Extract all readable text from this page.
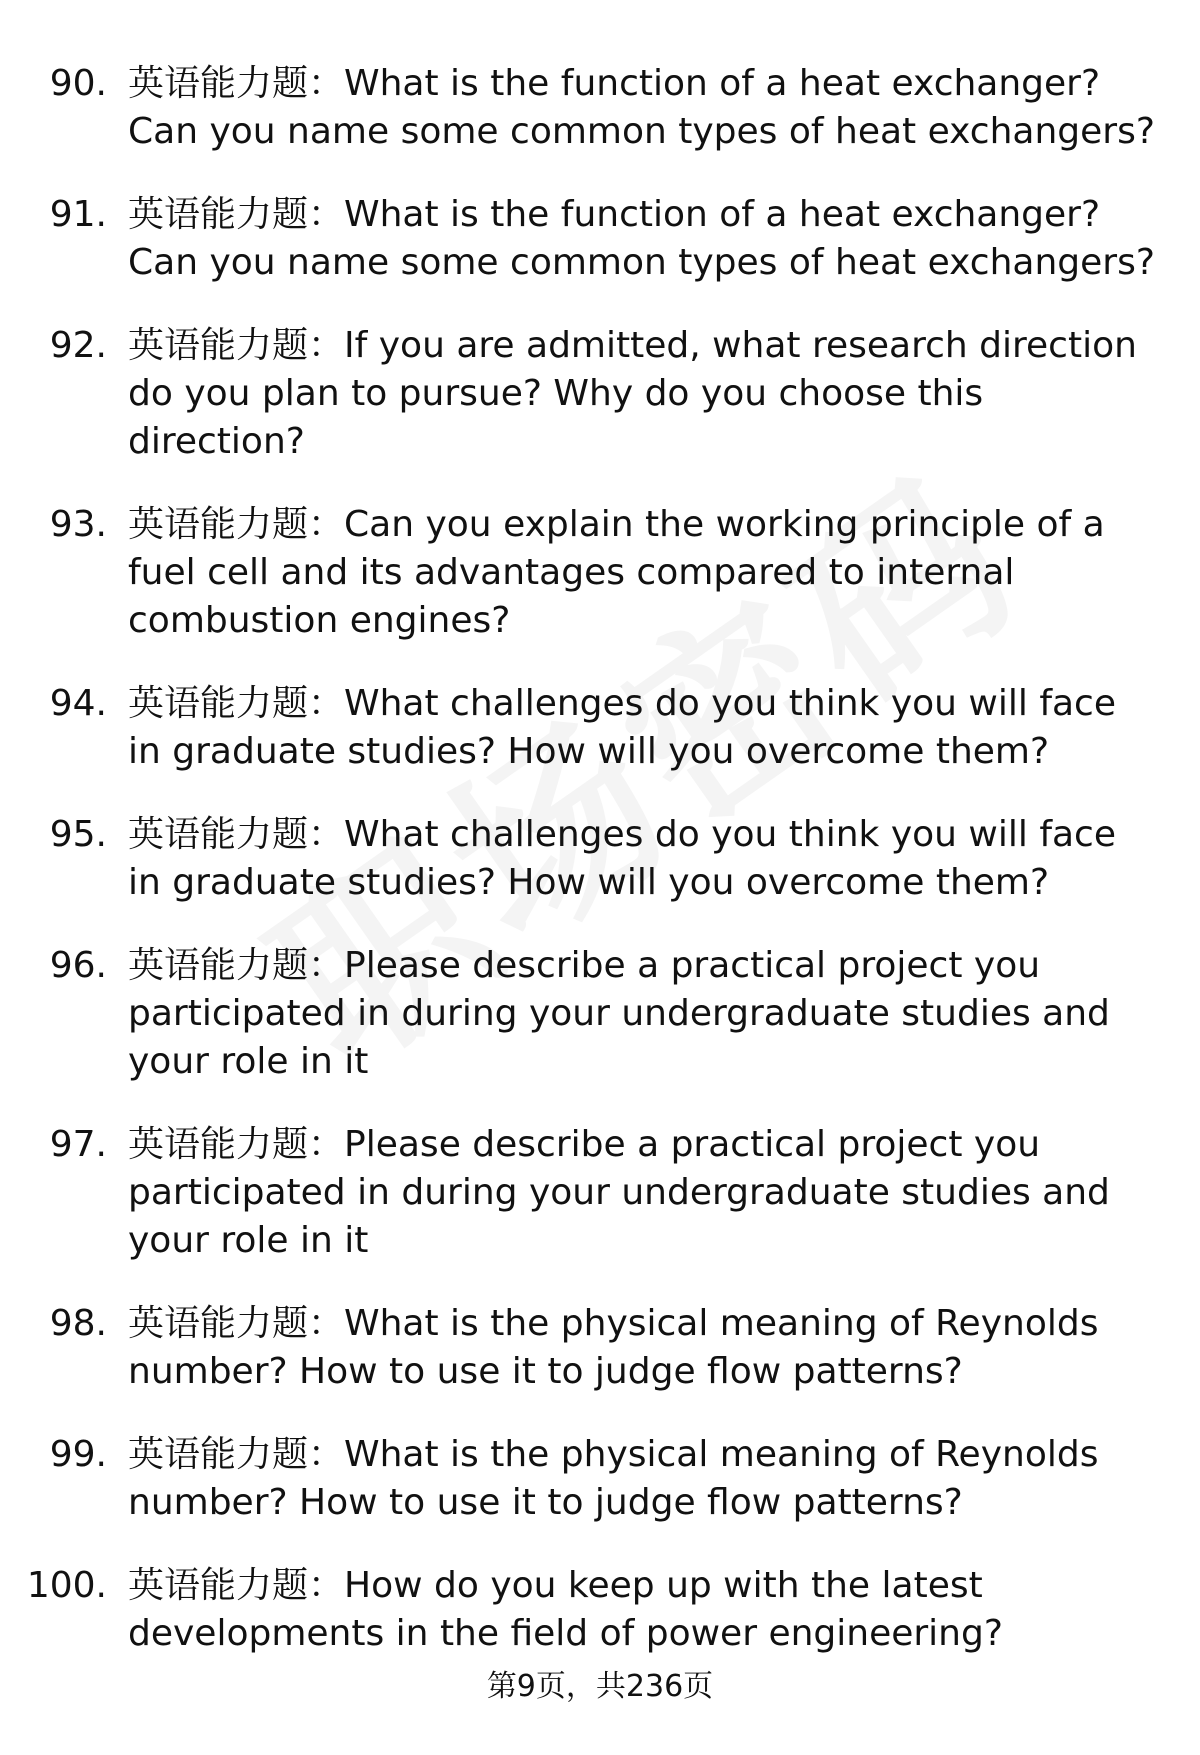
90. 英语能力题：What is the function of a heat exchanger? Can you name some common types of heat exchangers?
91. 英语能力题：What is the function of a heat exchanger? Can you name some common types of heat exchangers?
92. 英语能力题：If you are admitted, what research direction do you plan to pursue? Why do you choose this direction?
93. 英语能力题：Can you explain the working principle of a fuel cell and its advantages compared to internal combustion engines?
94. 英语能力题：What challenges do you think you will face in graduate studies? How will you overcome them?
95. 英语能力题：What challenges do you think you will face in graduate studies? How will you overcome them?
96. 英语能力题：Please describe a practical project you participated in during your undergraduate studies and your role in it
97. 英语能力题：Please describe a practical project you participated in during your undergraduate studies and your role in it
98. 英语能力题：What is the physical meaning of Reynolds number? How to use it to judge flow patterns?
99. 英语能力题：What is the physical meaning of Reynolds number? How to use it to judge flow patterns?
100. 英语能力题：How do you keep up with the latest developments in the field of power engineering?
第9页，共236页
